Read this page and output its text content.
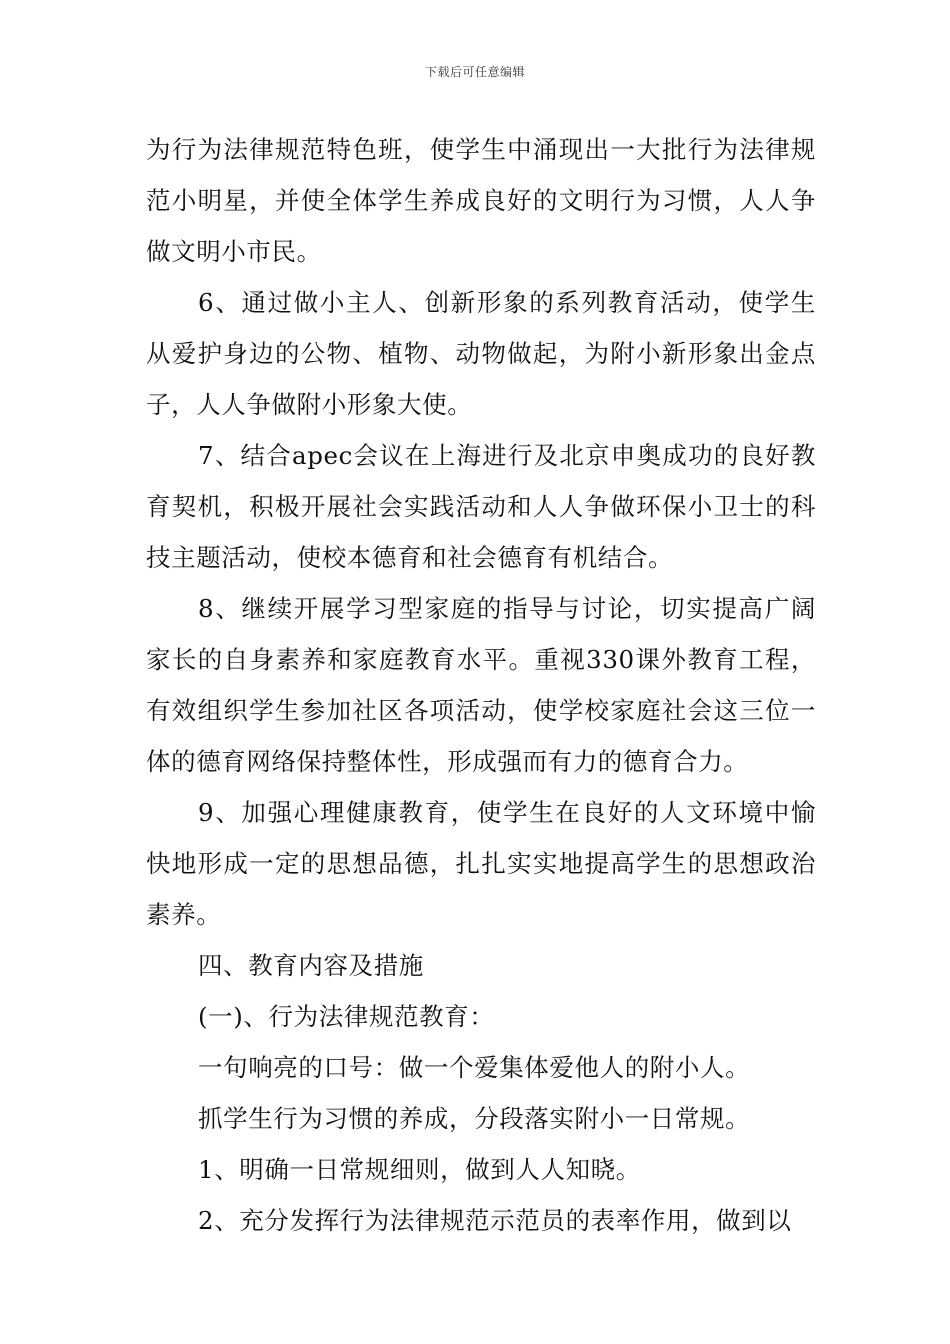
下载后可任意编辑

为行为法律规范特色班，使学生中涌现出一大批行为法律规范小明星，并使全体学生养成良好的文明行为习惯，人人争做文明小市民。

6、通过做小主人、创新形象的系列教育活动，使学生从爱护身边的公物、植物、动物做起，为附小新形象出金点子，人人争做附小形象大使。

7、结合apec会议在上海进行及北京申奥成功的良好教育契机，积极开展社会实践活动和人人争做环保小卫士的科技主题活动，使校本德育和社会德育有机结合。

8、继续开展学习型家庭的指导与讨论，切实提高广阔家长的自身素养和家庭教育水平。重视330课外教育工程，有效组织学生参加社区各项活动，使学校家庭社会这三位一体的德育网络保持整体性，形成强而有力的德育合力。

9、加强心理健康教育，使学生在良好的人文环境中愉快地形成一定的思想品德，扎扎实实地提高学生的思想政治素养。

四、教育内容及措施

(一)、行为法律规范教育：

一句响亮的口号：做一个爱集体爱他人的附小人。

抓学生行为习惯的养成，分段落实附小一日常规。

1、明确一日常规细则，做到人人知晓。

2、充分发挥行为法律规范示范员的表率作用，做到以
